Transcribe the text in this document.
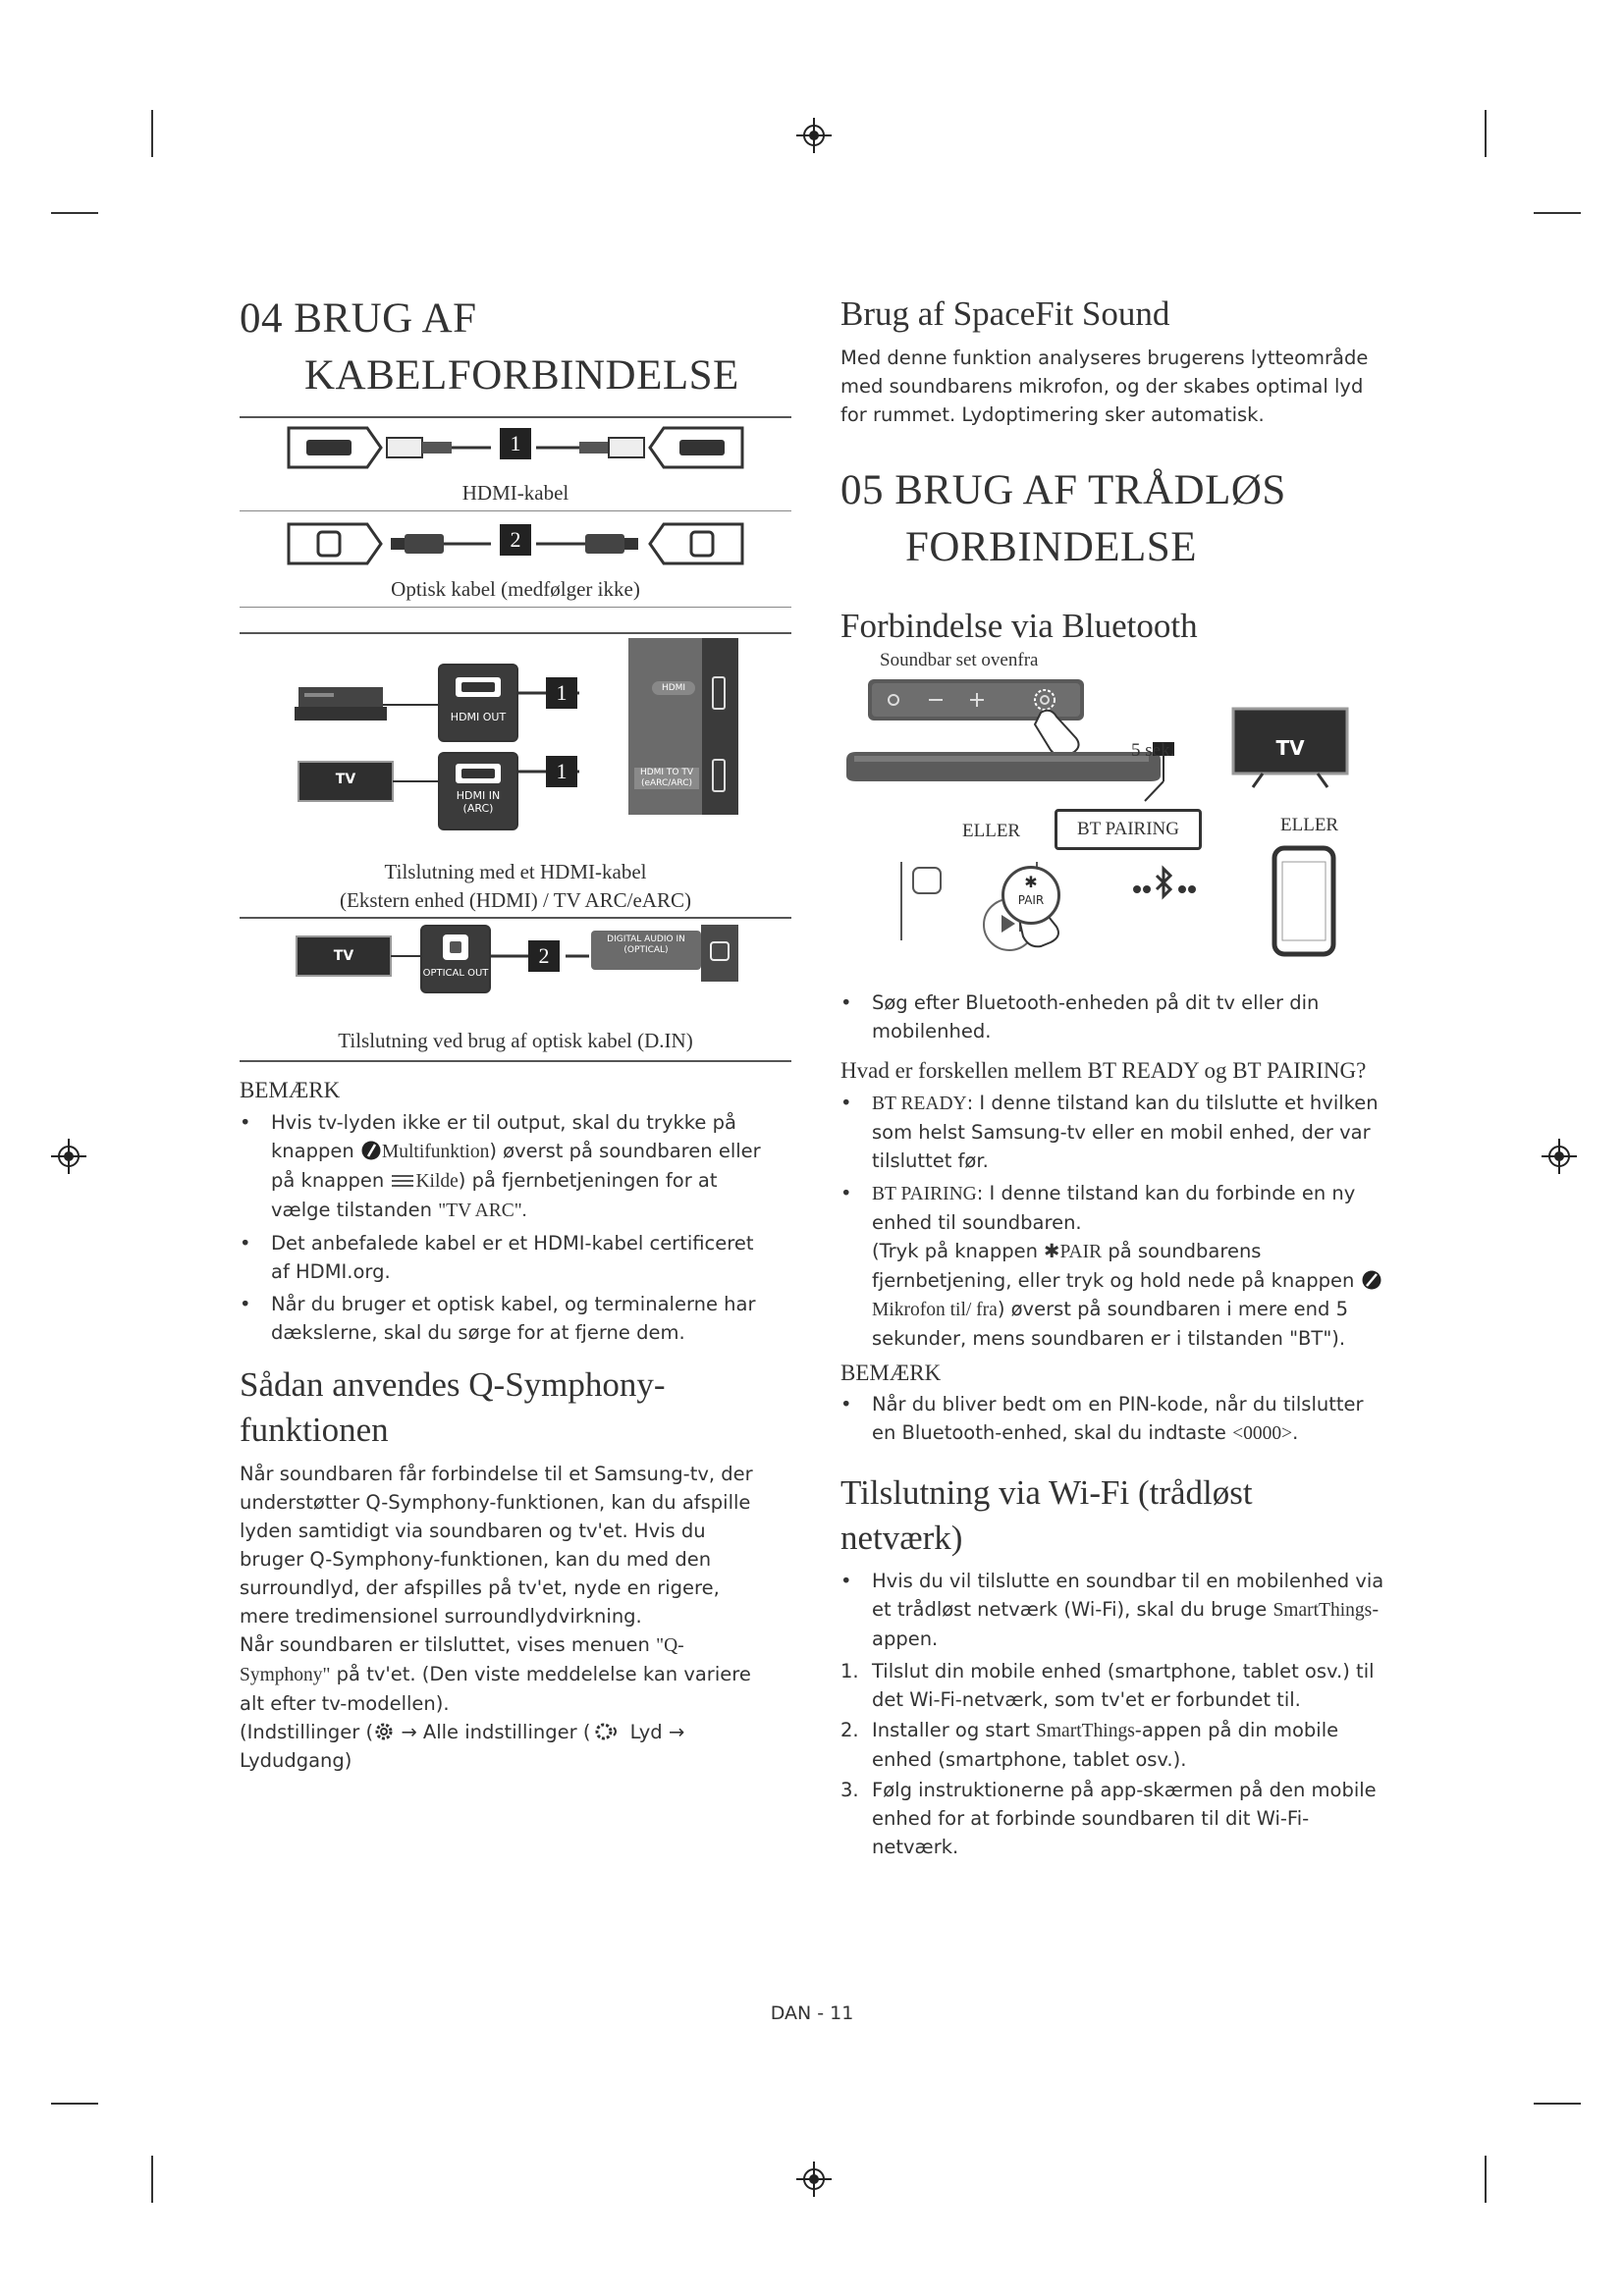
04 BRUG AF
KABELFORBINDELSE
1
HDMI-kabel
2
Optisk kabel (medfølger ikke)
TV
HDMI OUT
HDMI IN
(ARC)
1
1
HDMI
HDMI TO TV
(eARC/ARC)
Tilslutning med et HDMI-kabel
(Ekstern enhed (HDMI) / TV ARC/eARC)
TV
OPTICAL OUT
2
DIGITAL AUDIO IN
(OPTICAL)
Tilslutning ved brug af optisk kabel (D.IN)
BEMÆRK
• Hvis tv-lyden ikke er til output, skal du trykke på knappen Multifunktion) øverst på soundbaren eller på knappen Kilde) på fjernbetjeningen for at vælge tilstanden "TV ARC".
• Det anbefalede kabel er et HDMI-kabel certificeret af HDMI.org.
• Når du bruger et optisk kabel, og terminalerne har dækslerne, skal du sørge for at fjerne dem.
Sådan anvendes Q-Symphony-
funktionen
Når soundbaren får forbindelse til et Samsung-tv, der understøtter Q-Symphony-funktionen, kan du afspille lyden samtidigt via soundbaren og tv'et. Hvis du bruger Q-Symphony-funktionen, kan du med den surroundlyd, der afspilles på tv'et, nyde en rigere, mere tredimensionel surroundlydvirkning.
Når soundbaren er tilsluttet, vises menuen "Q-Symphony" på tv'et. (Den viste meddelelse kan variere alt efter tv-modellen).
(Indstillinger ( → Alle indstillinger ( Lyd → Lydudgang)
Brug af SpaceFit Sound
Med denne funktion analyseres brugerens lytteområde med soundbarens mikrofon, og der skabes optimal lyd for rummet. Lydoptimering sker automatisk.
05 BRUG AF TRÅDLØS
FORBINDELSE
Forbindelse via Bluetooth
Soundbar set ovenfra
5 sek.	TV
ELLER	BT PAIRING	ELLER
✱
PAIR
• Søg efter Bluetooth-enheden på dit tv eller din mobilenhed.
Hvad er forskellen mellem BT READY og BT PAIRING?
• BT READY: I denne tilstand kan du tilslutte et hvilken som helst Samsung-tv eller en mobil enhed, der var tilsluttet før.
• BT PAIRING: I denne tilstand kan du forbinde en ny enhed til soundbaren.
(Tryk på knappen ✱PAIR på soundbarens fjernbetjening, eller tryk og hold nede på knappen Mikrofon til/ fra) øverst på soundbaren i mere end 5 sekunder, mens soundbaren er i tilstanden "BT").
BEMÆRK
• Når du bliver bedt om en PIN-kode, når du tilslutter en Bluetooth-enhed, skal du indtaste <0000>.
Tilslutning via Wi-Fi (trådløst
netværk)
• Hvis du vil tilslutte en soundbar til en mobilenhed via et trådløst netværk (Wi-Fi), skal du bruge SmartThings-appen.
1. Tilslut din mobile enhed (smartphone, tablet osv.) til det Wi-Fi-netværk, som tv'et er forbundet til.
2. Installer og start SmartThings-appen på din mobile enhed (smartphone, tablet osv.).
3. Følg instruktionerne på app-skærmen på den mobile enhed for at forbinde soundbaren til dit Wi-Fi-netværk.
DAN - 11
